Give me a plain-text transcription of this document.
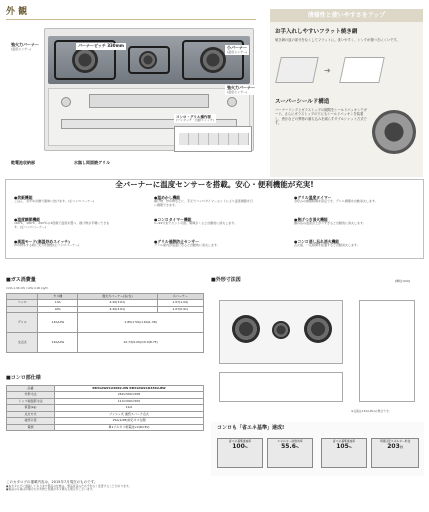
外 観
強火力バーナー
(温度センサー)
バーナーピッチ 330mm	小バーナー
(温度センサー)
強火力バーナー
(温度センサー)
コンロ・グリル操作部
(ワンタッチ・自動スイッチ)
乾電池収納部	水無し両面焼グリル
清掃性と使いやすさをアップ
お手入れしやすいフラット焼き網
焼き網の皿の部分をなくしてフラットに。洗いやすく、シンクが傷つきにくいです。
➜
スーパーシールド構造
バーナーリングとガラストップの隙間をシールドパッキンでガード。さらにガラストップの下にもシールドパッキンを装着し、煮汁などの異物の落ち込みを減らすダブルシャット方式です。
全バーナーに温度センサーを搭載。安心・便利機能が充実!
●炊飯機能
ごはん、おかゆが鍋で簡単に炊けます。(左コンロバーナー)
●温めかし機能
揚げ物、炒め物などに、手元でコンロタイマーセットにより温度調節を行い調理できます。
●グリル温度タイマー
お好みの調理時間を設定でき、グリル調理を自動消火します。
●温度調節機能
160℃、180℃、200℃の3段階で温度を選べ、揚げ物が手軽にできます。(左コンロバーナー)
●コンロタイマー機能
1~99分までセット可能。時間がくると自動的に消火します。
●焦げつき消火機能
鍋の底の温度が上がりすぎると自動的に消火します。
●高温モード(高温炒めスイッチ)
炒め物をする時に火力を調整(左コンロバーナー)
●グリル過熱防止センサー
グリル庫内が高温になると自動的に消火します。
●コンロ消し忘れ消火機能
点火後、一定時間を経過すると自動消火します。
■ガス消費量
(13A:1.96 kW / LPG:4.90 kg/h)
	ガス種	強火力バーナー(右/左)	小バーナー
コンロ	13A	4.20(3.61)	1.07(1.04)
	LPG	4.20(3.61)	1.07(0.91)
グリル	13A/LPG	1.85(1.59)/1.60(1.38)	
全点火	13A/LPG	10.73(9.20)/10.0(8.75)	
■コンロ部仕様
品番	RB31AW21A36R2-VW RB31AW21D33R2-BW
外形寸法	269×560×508
トップ前面部寸法	114×590×505
質量(kg)	19.0
点火方式	プッシュ式 連続スパーク点火
接続口径	15A(1/2B)対応オス左側
電源	単1アルカリ乾電池×2(DC3V)
■外形寸法図	(単位:mm)
※点線は13A(LPG)の場合です。
コンロも「省エネ基準」達成!
省エネ基準達成率
100%
エネルギー消費効率
55.6%
省エネ基準達成率
105%
年間目安エネルギー料金
203円
このカタログの掲載内容は、2015年7月現在のものです。
●本カタログに掲載しております製品の仕様は、製品改良のため予告なく変更することがあります。
●製品の写真は印刷のため実物と色調が多少異なる場合がございます。
